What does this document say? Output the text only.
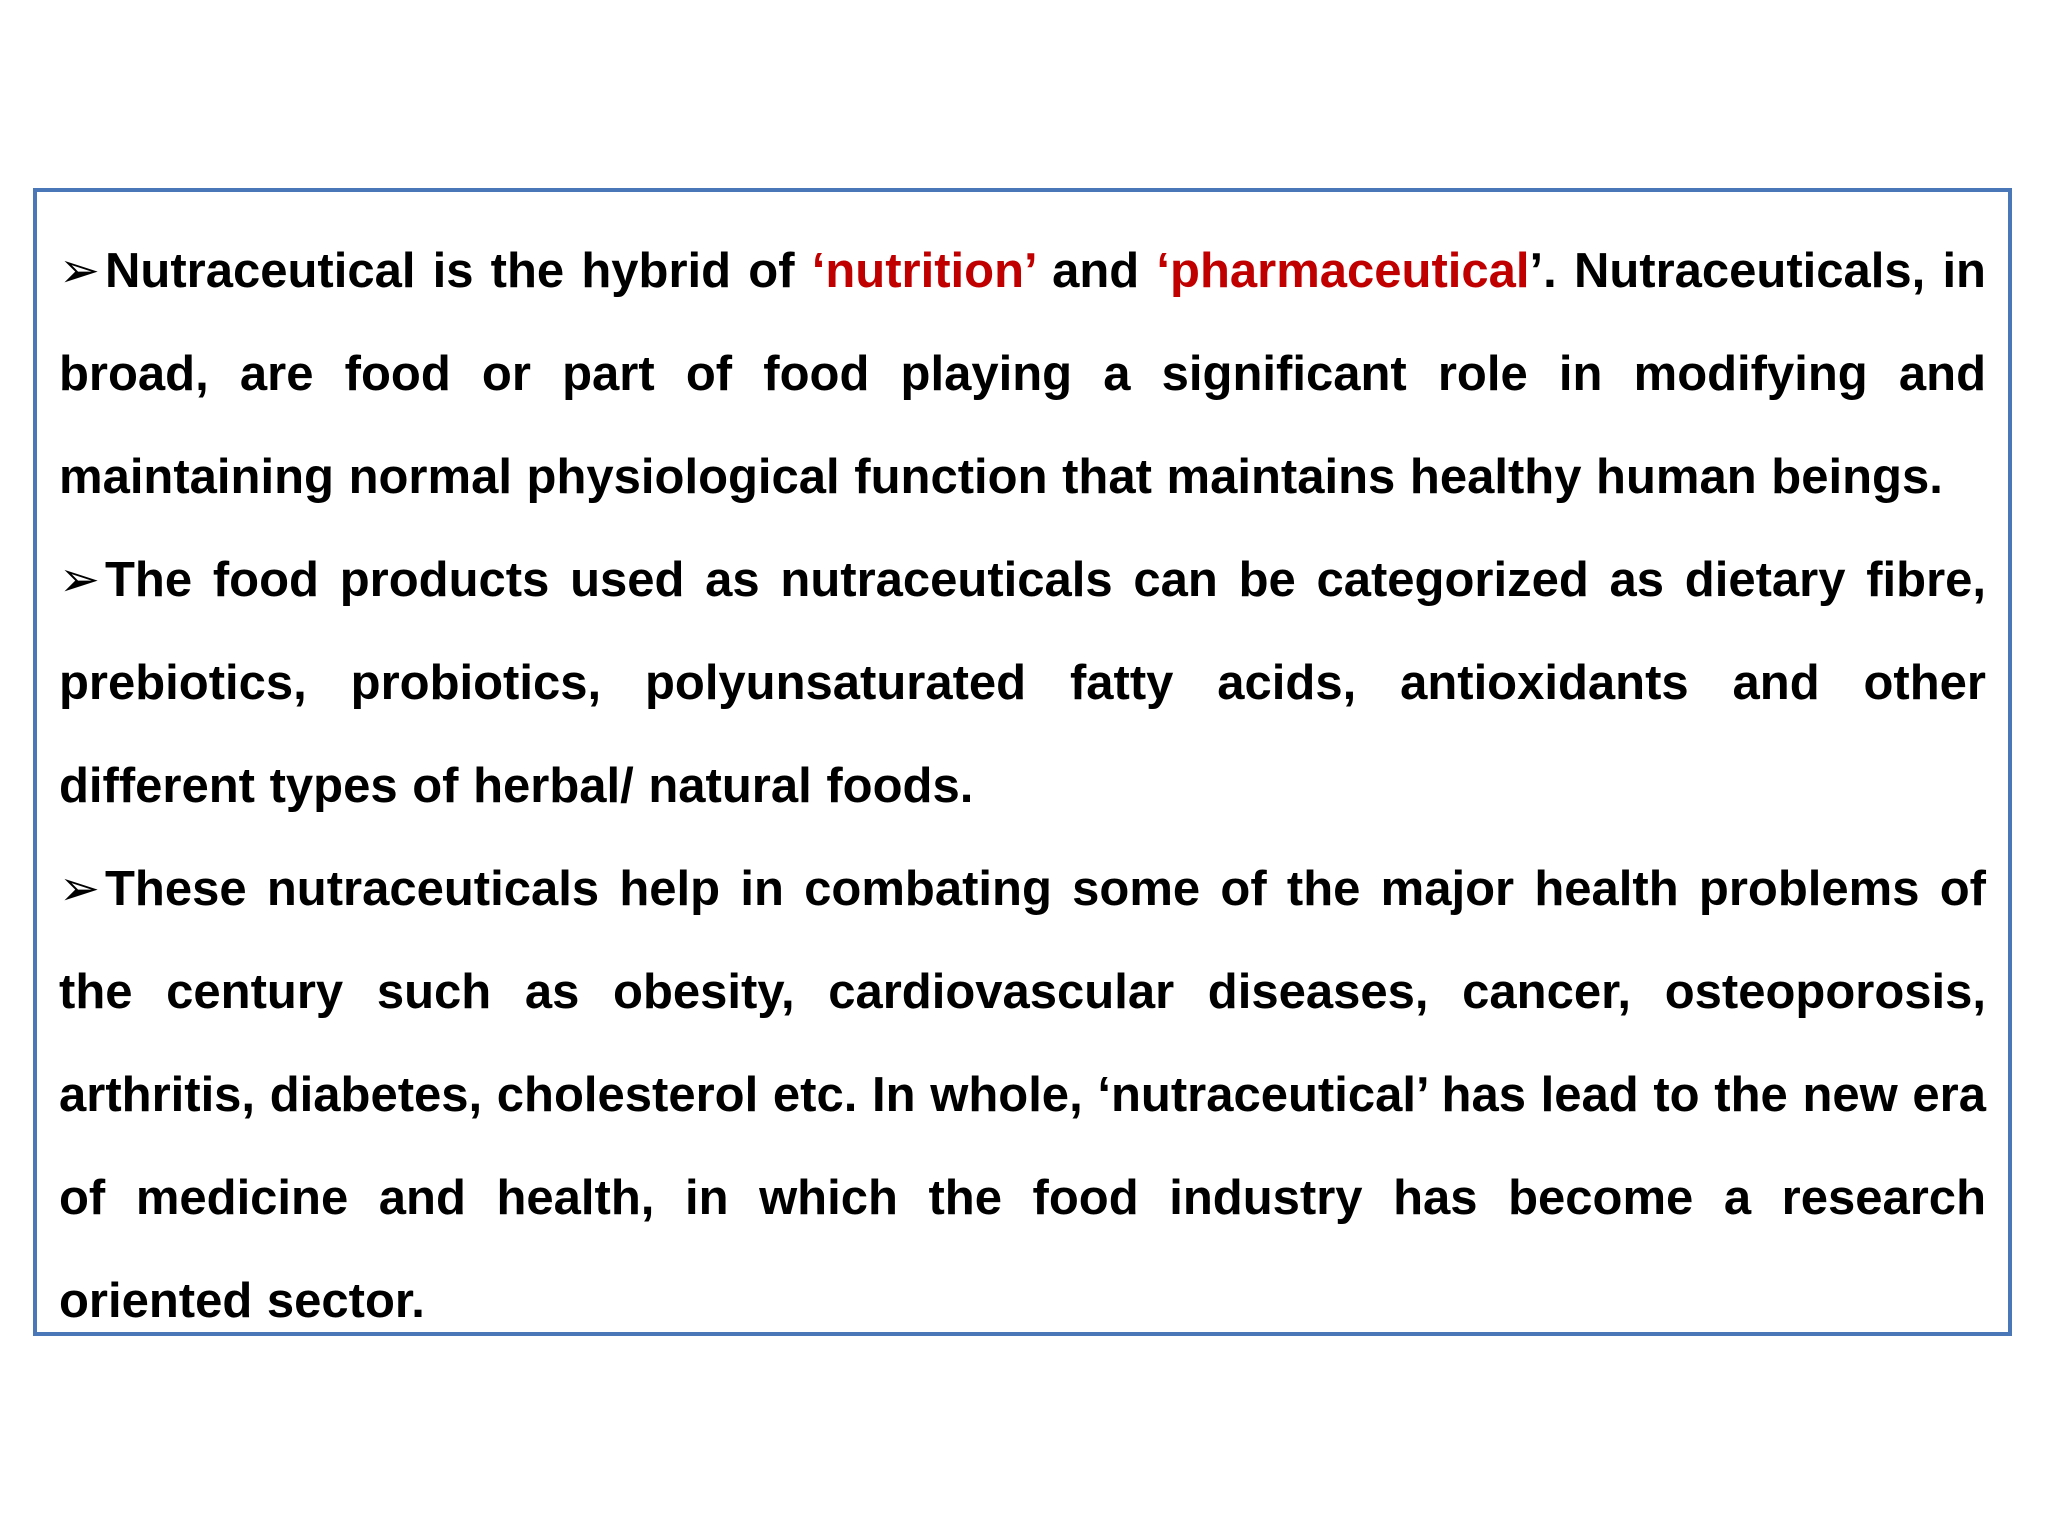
➢ Nutraceutical is the hybrid of ‘nutrition’ and ‘pharmaceutical’. Nutraceuticals, in broad, are food or part of food playing a significant role in modifying and maintaining normal physiological function that maintains healthy human beings.

➢ The food products used as nutraceuticals can be categorized as dietary fibre, prebiotics, probiotics, polyunsaturated fatty acids, antioxidants and other different types of herbal/ natural foods.

➢ These nutraceuticals help in combating some of the major health problems of the century such as obesity, cardiovascular diseases, cancer, osteoporosis, arthritis, diabetes, cholesterol etc. In whole, ‘nutraceutical’ has lead to the new era of medicine and health, in which the food industry has become a research oriented sector.
